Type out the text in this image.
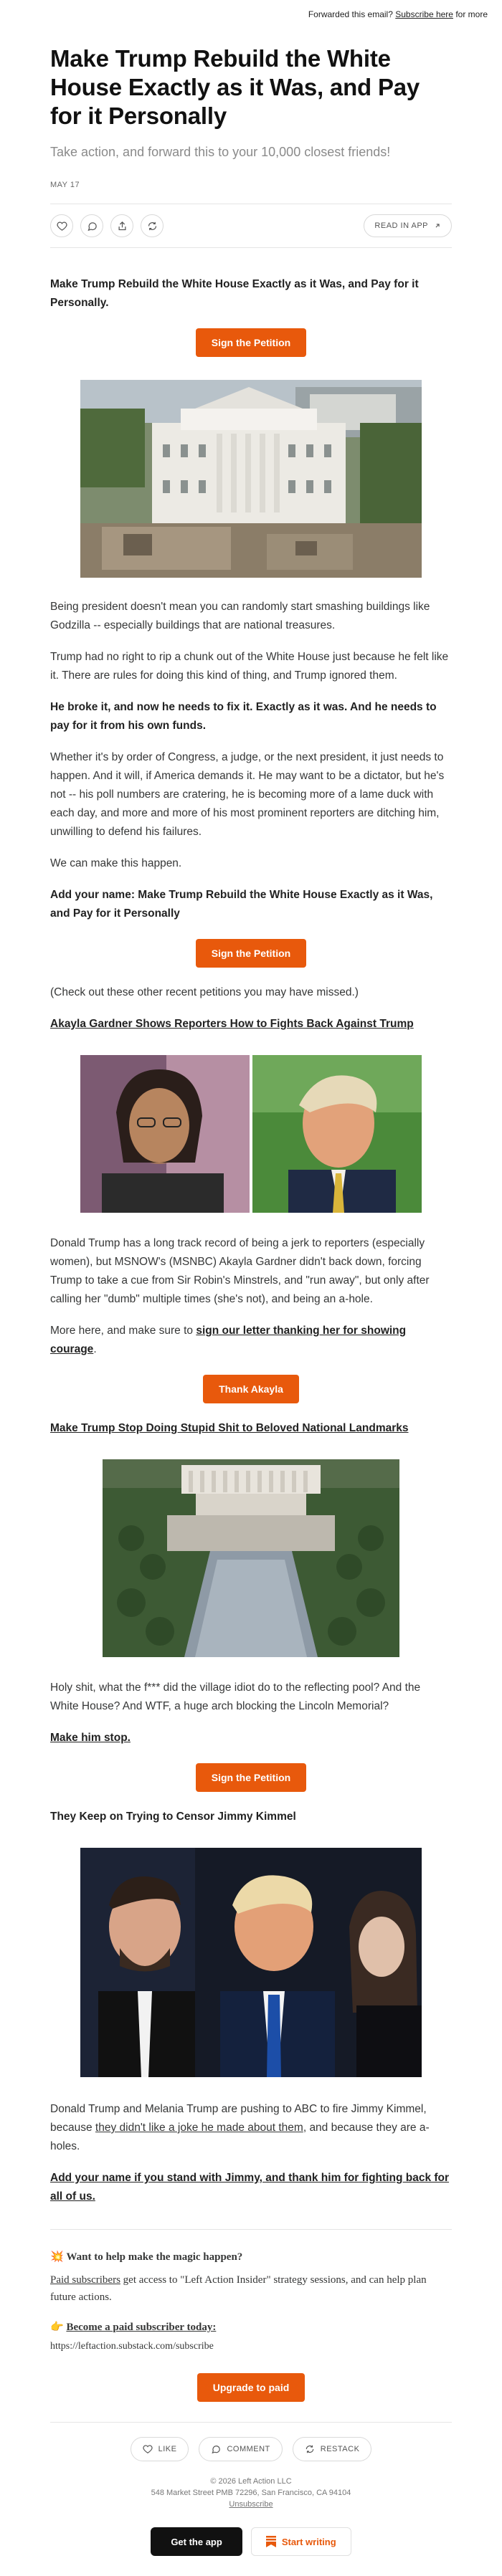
Forwarded this email? Subscribe here for more
Make Trump Rebuild the White House Exactly as it Was, and Pay for it Personally
Take action, and forward this to your 10,000 closest friends!
MAY 17
READ IN APP

Make Trump Rebuild the White House Exactly as it Was, and Pay for it Personally.

Sign the Petition

Being president doesn't mean you can randomly start smashing buildings like Godzilla -- especially buildings that are national treasures.

Trump had no right to rip a chunk out of the White House just because he felt like it. There are rules for doing this kind of thing, and Trump ignored them.

He broke it, and now he needs to fix it. Exactly as it was. And he needs to pay for it from his own funds.

Whether it's by order of Congress, a judge, or the next president, it just needs to happen. And it will, if America demands it. He may want to be a dictator, but he's not -- his poll numbers are cratering, he is becoming more of a lame duck with each day, and more and more of his most prominent reporters are ditching him, unwilling to defend his failures.

We can make this happen.

Add your name: Make Trump Rebuild the White House Exactly as it Was, and Pay for it Personally

Sign the Petition

(Check out these other recent petitions you may have missed.)

Akayla Gardner Shows Reporters How to Fights Back Against Trump

Donald Trump has a long track record of being a jerk to reporters (especially women), but MSNOW's (MSNBC) Akayla Gardner didn't back down, forcing Trump to take a cue from Sir Robin's Minstrels, and "run away", but only after calling her "dumb" multiple times (she's not), and being an a-hole.

More here, and make sure to sign our letter thanking her for showing courage.

Thank Akayla

Make Trump Stop Doing Stupid Shit to Beloved National Landmarks

Holy shit, what the f*** did the village idiot do to the reflecting pool? And the White House? And WTF, a huge arch blocking the Lincoln Memorial?

Make him stop.

Sign the Petition

They Keep on Trying to Censor Jimmy Kimmel

Donald Trump and Melania Trump are pushing to ABC to fire Jimmy Kimmel, because they didn't like a joke he made about them, and because they are a-holes.

Add your name if you stand with Jimmy, and thank him for fighting back for all of us.

💥 Want to help make the magic happen?

Paid subscribers get access to "Left Action Insider" strategy sessions, and can help plan future actions.

👉 Become a paid subscriber today:

https://leftaction.substack.com/subscribe

Upgrade to paid
LIKE	COMMENT	RESTACK
© 2026 Left Action LLC
548 Market Street PMB 72296, San Francisco, CA 94104
Unsubscribe
Get the app	Start writing
